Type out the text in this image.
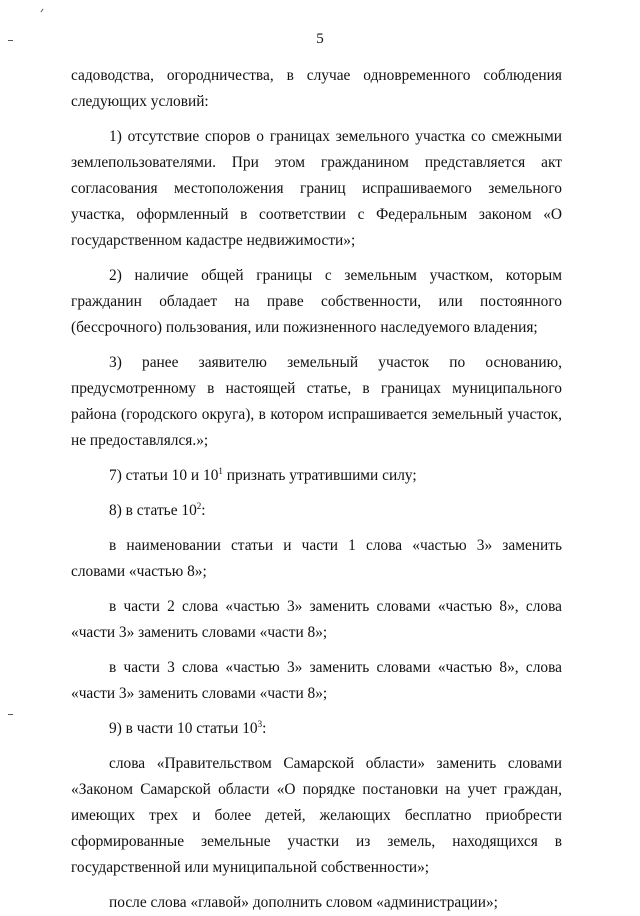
5

садоводства, огородничества, в случае одновременного соблюдения следующих условий:

1) отсутствие споров о границах земельного участка со смежными землепользователями. При этом гражданином представляется акт согласования местоположения границ испрашиваемого земельного участка, оформленный в соответствии с Федеральным законом «О государственном кадастре недвижимости»;

2) наличие общей границы с земельным участком, которым гражданин обладает на праве собственности, или постоянного (бессрочного) пользования, или пожизненного наследуемого владения;

3) ранее заявителю земельный участок по основанию, предусмотренному в настоящей статье, в границах муниципального района (городского округа), в котором испрашивается земельный участок, не предоставлялся.»;

7) статьи 10 и $10^1$ признать утратившими силу;

8) в статье $10^2$:

в наименовании статьи и части 1 слова «частью 3» заменить словами «частью 8»;

в части 2 слова «частью 3» заменить словами «частью 8», слова «части 3» заменить словами «части 8»;

в части 3 слова «частью 3» заменить словами «частью 8», слова «части 3» заменить словами «части 8»;

9) в части 10 статьи $10^3$:

слова «Правительством Самарской области» заменить словами «Законом Самарской области «О порядке постановки на учет граждан, имеющих трех и более детей, желающих бесплатно приобрести сформированные земельные участки из земель, находящихся в государственной или муниципальной собственности»;

после слова «главой» дополнить словом «администрации»;
